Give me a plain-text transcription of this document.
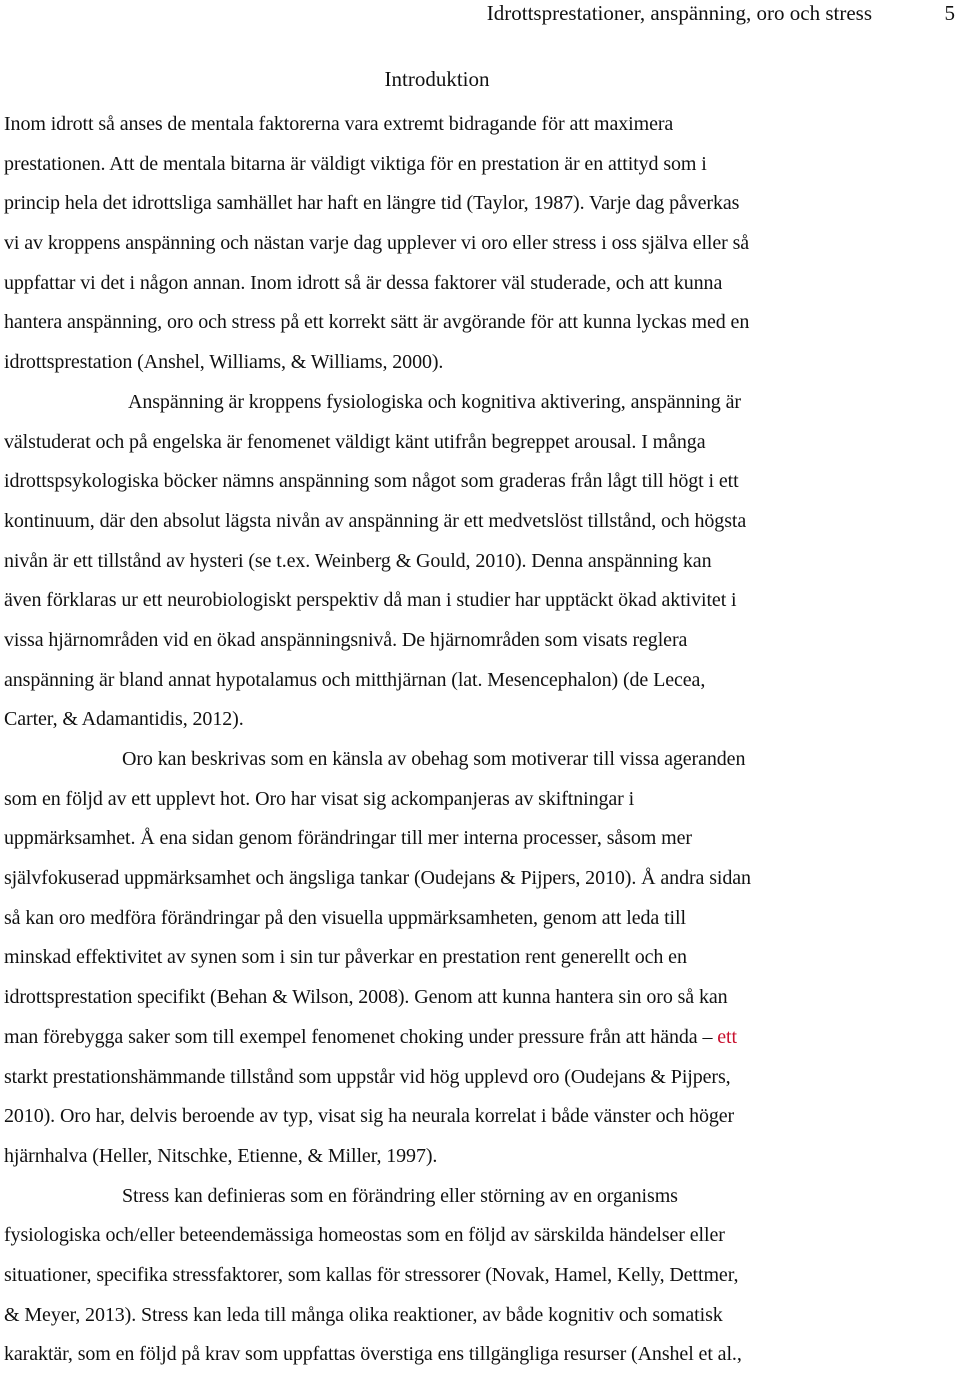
Idrottsprestationer, anspänning, oro och stress	5
Introduktion
Inom idrott så anses de mentala faktorerna vara extremt bidragande för att maximera
prestationen. Att de mentala bitarna är väldigt viktiga för en prestation är en attityd som i
princip hela det idrottsliga samhället har haft en längre tid (Taylor, 1987). Varje dag påverkas
vi av kroppens anspänning och nästan varje dag upplever vi oro eller stress i oss själva eller så
uppfattar vi det i någon annan. Inom idrott så är dessa faktorer väl studerade, och att kunna
hantera anspänning, oro och stress på ett korrekt sätt är avgörande för att kunna lyckas med en
idrottsprestation (Anshel, Williams, & Williams, 2000).
Anspänning är kroppens fysiologiska och kognitiva aktivering, anspänning är
välstuderat och på engelska är fenomenet väldigt känt utifrån begreppet arousal. I många
idrottspsykologiska böcker nämns anspänning som något som graderas från lågt till högt i ett
kontinuum, där den absolut lägsta nivån av anspänning är ett medvetslöst tillstånd, och högsta
nivån är ett tillstånd av hysteri (se t.ex. Weinberg & Gould, 2010). Denna anspänning kan
även förklaras ur ett neurobiologiskt perspektiv då man i studier har upptäckt ökad aktivitet i
vissa hjärnområden vid en ökad anspänningsnivå. De hjärnområden som visats reglera
anspänning är bland annat hypotalamus och mitthjärnan (lat. Mesencephalon) (de Lecea,
Carter, & Adamantidis, 2012).
Oro kan beskrivas som en känsla av obehag som motiverar till vissa ageranden
som en följd av ett upplevt hot. Oro har visat sig ackompanjeras av skiftningar i
uppmärksamhet. Å ena sidan genom förändringar till mer interna processer, såsom mer
självfokuserad uppmärksamhet och ängsliga tankar (Oudejans & Pijpers, 2010). Å andra sidan
så kan oro medföra förändringar på den visuella uppmärksamheten, genom att leda till
minskad effektivitet av synen som i sin tur påverkar en prestation rent generellt och en
idrottsprestation specifikt (Behan & Wilson, 2008). Genom att kunna hantera sin oro så kan
man förebygga saker som till exempel fenomenet choking under pressure från att hända – ett
starkt prestationshämmande tillstånd som uppstår vid hög upplevd oro (Oudejans & Pijpers,
2010). Oro har, delvis beroende av typ, visat sig ha neurala korrelat i både vänster och höger
hjärnhalva (Heller, Nitschke, Etienne, & Miller, 1997).
Stress kan definieras som en förändring eller störning av en organisms
fysiologiska och/eller beteendemässiga homeostas som en följd av särskilda händelser eller
situationer, specifika stressfaktorer, som kallas för stressorer (Novak, Hamel, Kelly, Dettmer,
& Meyer, 2013). Stress kan leda till många olika reaktioner, av både kognitiv och somatisk
karaktär, som en följd på krav som uppfattas överstiga ens tillgängliga resurser (Anshel et al.,
